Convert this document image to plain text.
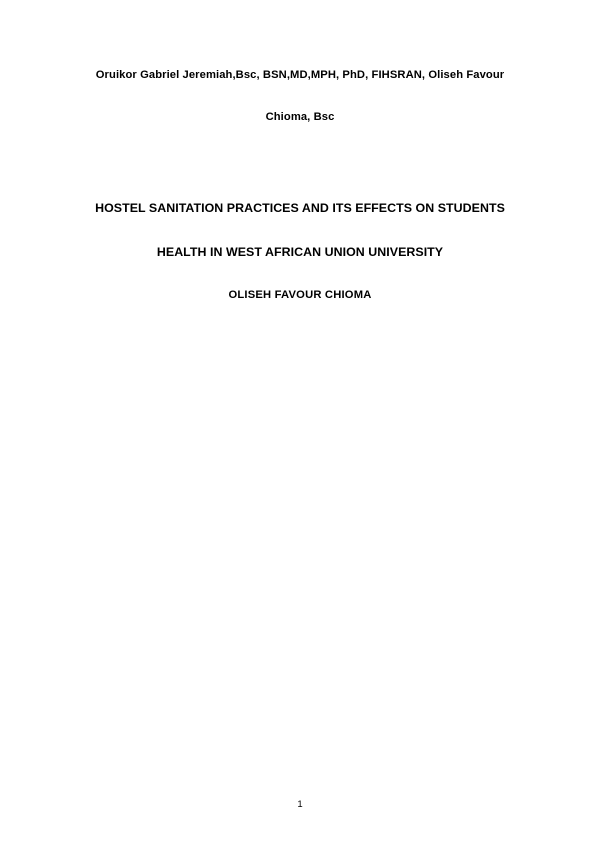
Oruikor Gabriel Jeremiah,Bsc, BSN,MD,MPH, PhD, FIHSRAN, Oliseh Favour
Chioma, Bsc
HOSTEL SANITATION PRACTICES AND ITS EFFECTS ON STUDENTS
HEALTH IN WEST AFRICAN UNION UNIVERSITY
OLISEH FAVOUR CHIOMA
1
